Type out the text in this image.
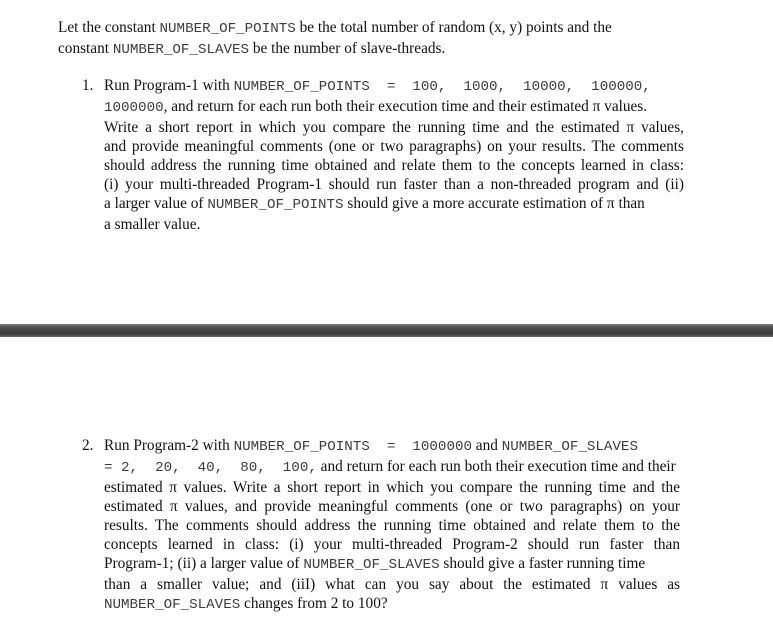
Let the constant NUMBER_OF_POINTS be the total number of random (x, y) points and the
constant NUMBER_OF_SLAVES be the number of slave-threads.
1. Run Program-1 with NUMBER_OF_POINTS  =  100,  1000,  10000,  100000,
1000000, and return for each run both their execution time and their estimated π values.
Write a short report in which you compare the running time and the estimated π values,
and provide meaningful comments (one or two paragraphs) on your results. The comments
should address the running time obtained and relate them to the concepts learned in class:
(i) your multi-threaded Program-1 should run faster than a non-threaded program and (ii)
a larger value of NUMBER_OF_POINTS should give a more accurate estimation of π than
a smaller value.
2. Run Program-2 with NUMBER_OF_POINTS  =  1000000 and NUMBER_OF_SLAVES
= 2,  20,  40,  80,  100, and return for each run both their execution time and their
estimated π values. Write a short report in which you compare the running time and the
estimated π values, and provide meaningful comments (one or two paragraphs) on your
results. The comments should address the running time obtained and relate them to the
concepts learned in class: (i) your multi-threaded Program-2 should run faster than
Program-1; (ii) a larger value of NUMBER_OF_SLAVES should give a faster running time
than a smaller value; and (iiI) what can you say about the estimated π values as
NUMBER_OF_SLAVES changes from 2 to 100?
